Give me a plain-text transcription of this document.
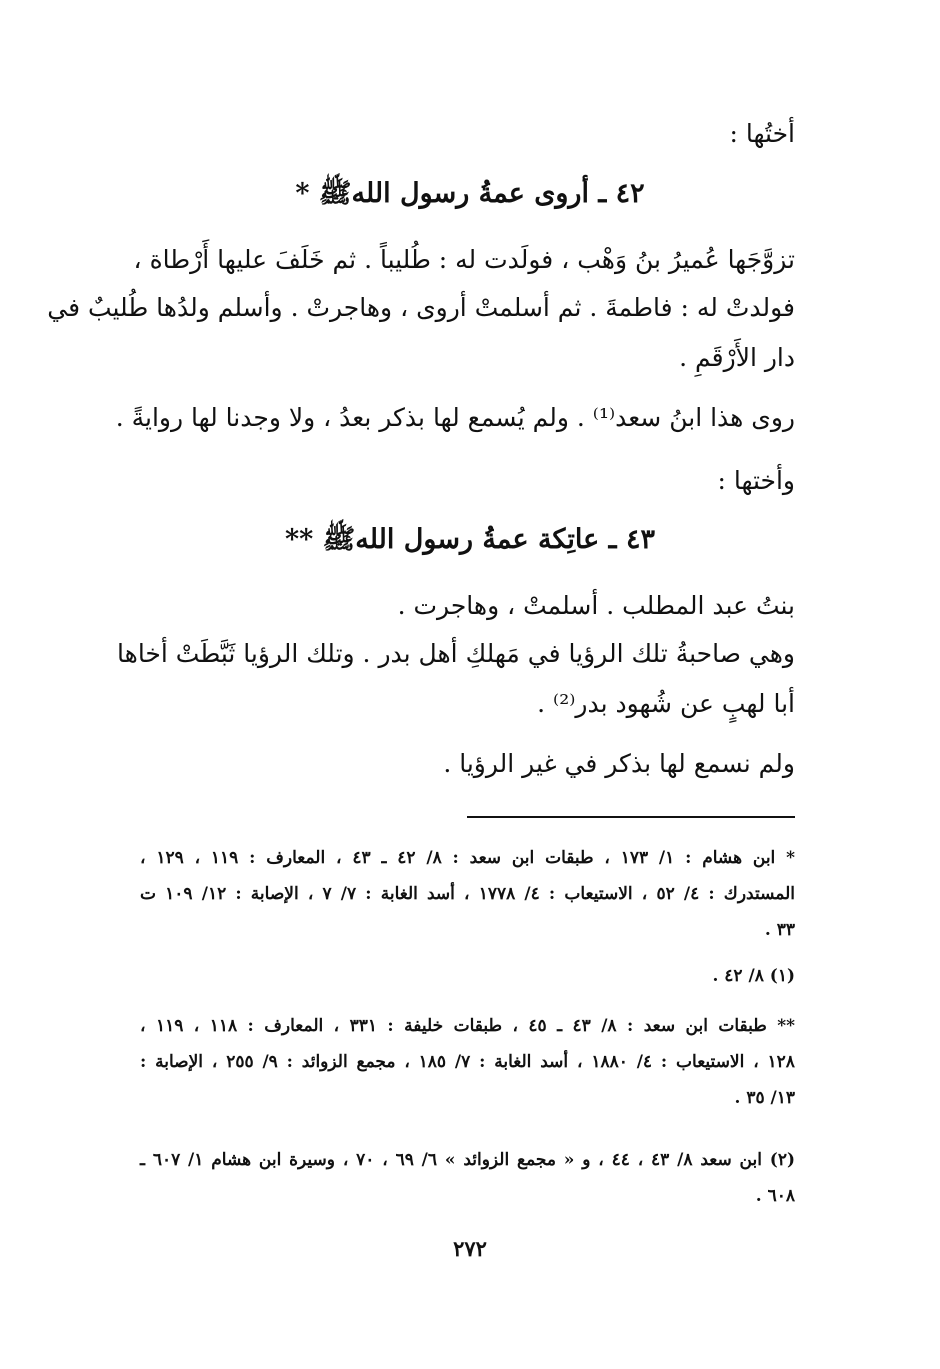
أختُها :
٤٢ ـ أروى عمةُ رسول اللهﷺ *
تزوَّجَها عُميرُ بنُ وَهْب ، فولَدت له : طُليباً . ثم خَلَفَ عليها أَرْطاة ،
فولدتْ له : فاطمةَ . ثم أسلمتْ أروى ، وهاجرتْ . وأسلم ولدُها طُليبٌ في
دار الأَرْقَمِ .
روى هذا ابنُ سعد⁽¹⁾ . ولم يُسمع لها بذكر بعدُ ، ولا وجدنا لها روايةً .
وأختها :
٤٣ ـ عاتِكة عمةُ رسول اللهﷺ **
بنتُ عبد المطلب . أسلمتْ ، وهاجرت .
وهي صاحبةُ تلك الرؤيا في مَهلكِ أهل بدر . وتلك الرؤيا ثَبَّطَتْ أخاها
أبا لهبٍ عن شُهود بدر⁽²⁾ .
ولم نسمع لها بذكر في غير الرؤيا .
* ابن هشام : ١/ ١٧٣ ، طبقات ابن سعد : ٨/ ٤٢ ـ ٤٣ ، المعارف : ١١٩ ، ١٢٩ ،
المستدرك : ٤/ ٥٢ ، الاستيعاب : ٤/ ١٧٧٨ ، أسد الغابة : ٧/ ٧ ، الإصابة : ١٢/ ١٠٩ ت
٣٣ .
(١) ٨/ ٤٢ .
** طبقات ابن سعد : ٨/ ٤٣ ـ ٤٥ ، طبقات خليفة : ٣٣١ ، المعارف : ١١٨ ، ١١٩ ،
١٢٨ ، الاستيعاب : ٤/ ١٨٨٠ ، أسد الغابة : ٧/ ١٨٥ ، مجمع الزوائد : ٩/ ٢٥٥ ، الإصابة :
١٣/ ٣٥ .
(٢) ابن سعد ٨/ ٤٣ ، ٤٤ ، و « مجمع الزوائد » ٦/ ٦٩ ، ٧٠ ، وسيرة ابن هشام ١/ ٦٠٧ ـ
٦٠٨ .
٢٧٢
